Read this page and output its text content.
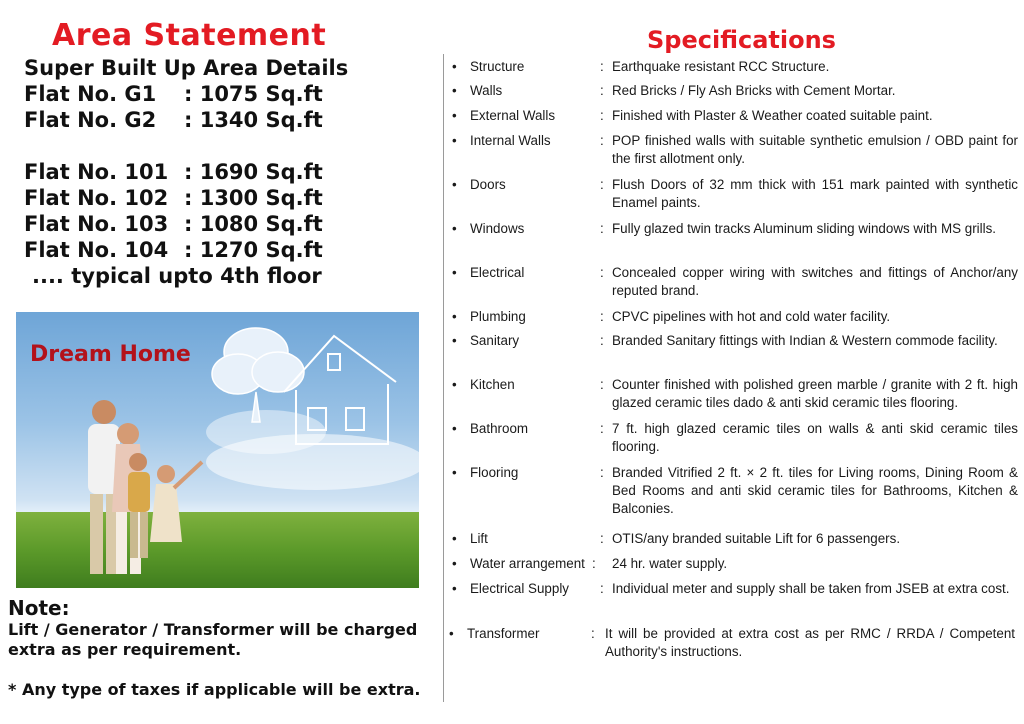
Area Statement
Super Built Up Area Details
Flat No. G1 : 1075 Sq.ft
Flat No. G2 : 1340 Sq.ft
Flat No. 101 : 1690 Sq.ft
Flat No. 102 : 1300 Sq.ft
Flat No. 103 : 1080 Sq.ft
Flat No. 104 : 1270 Sq.ft
.... typical upto 4th floor
Dream Home
Note:
Lift / Generator / Transformer will be charged extra as per requirement.
* Any type of taxes if applicable will be extra.
Specifications
• Structure	: Earthquake resistant RCC Structure.
• Walls	: Red Bricks / Fly Ash Bricks with Cement Mortar.
• External Walls	: Finished with Plaster & Weather coated suitable paint.
• Internal Walls	: POP finished walls with suitable synthetic emulsion / OBD paint for the first allotment only.
• Doors	: Flush Doors of 32 mm thick with 151 mark painted with synthetic Enamel paints.
• Windows	: Fully glazed twin tracks Aluminum sliding windows with MS grills.
• Electrical	: Concealed copper wiring with switches and fittings of Anchor/any reputed brand.
• Plumbing	: CPVC pipelines with hot and cold water facility.
• Sanitary	: Branded Sanitary fittings with Indian & Western commode facility.
• Kitchen	: Counter finished with polished green marble / granite with 2 ft. high glazed ceramic tiles dado & anti skid ceramic tiles flooring.
• Bathroom	: 7 ft. high glazed ceramic tiles on walls & anti skid ceramic tiles flooring.
• Flooring	: Branded Vitrified 2 ft. × 2 ft. tiles for Living rooms, Dining Room & Bed Rooms and anti skid ceramic tiles for Bathrooms, Kitchen & Balconies.
• Lift	: OTIS/any branded suitable Lift for 6 passengers.
• Water arrangement :	24 hr. water supply.
• Electrical Supply	: Individual meter and supply shall be taken from JSEB at extra cost.
• Transformer	: It will be provided at extra cost as per RMC / RRDA / Competent Authority's instructions.
